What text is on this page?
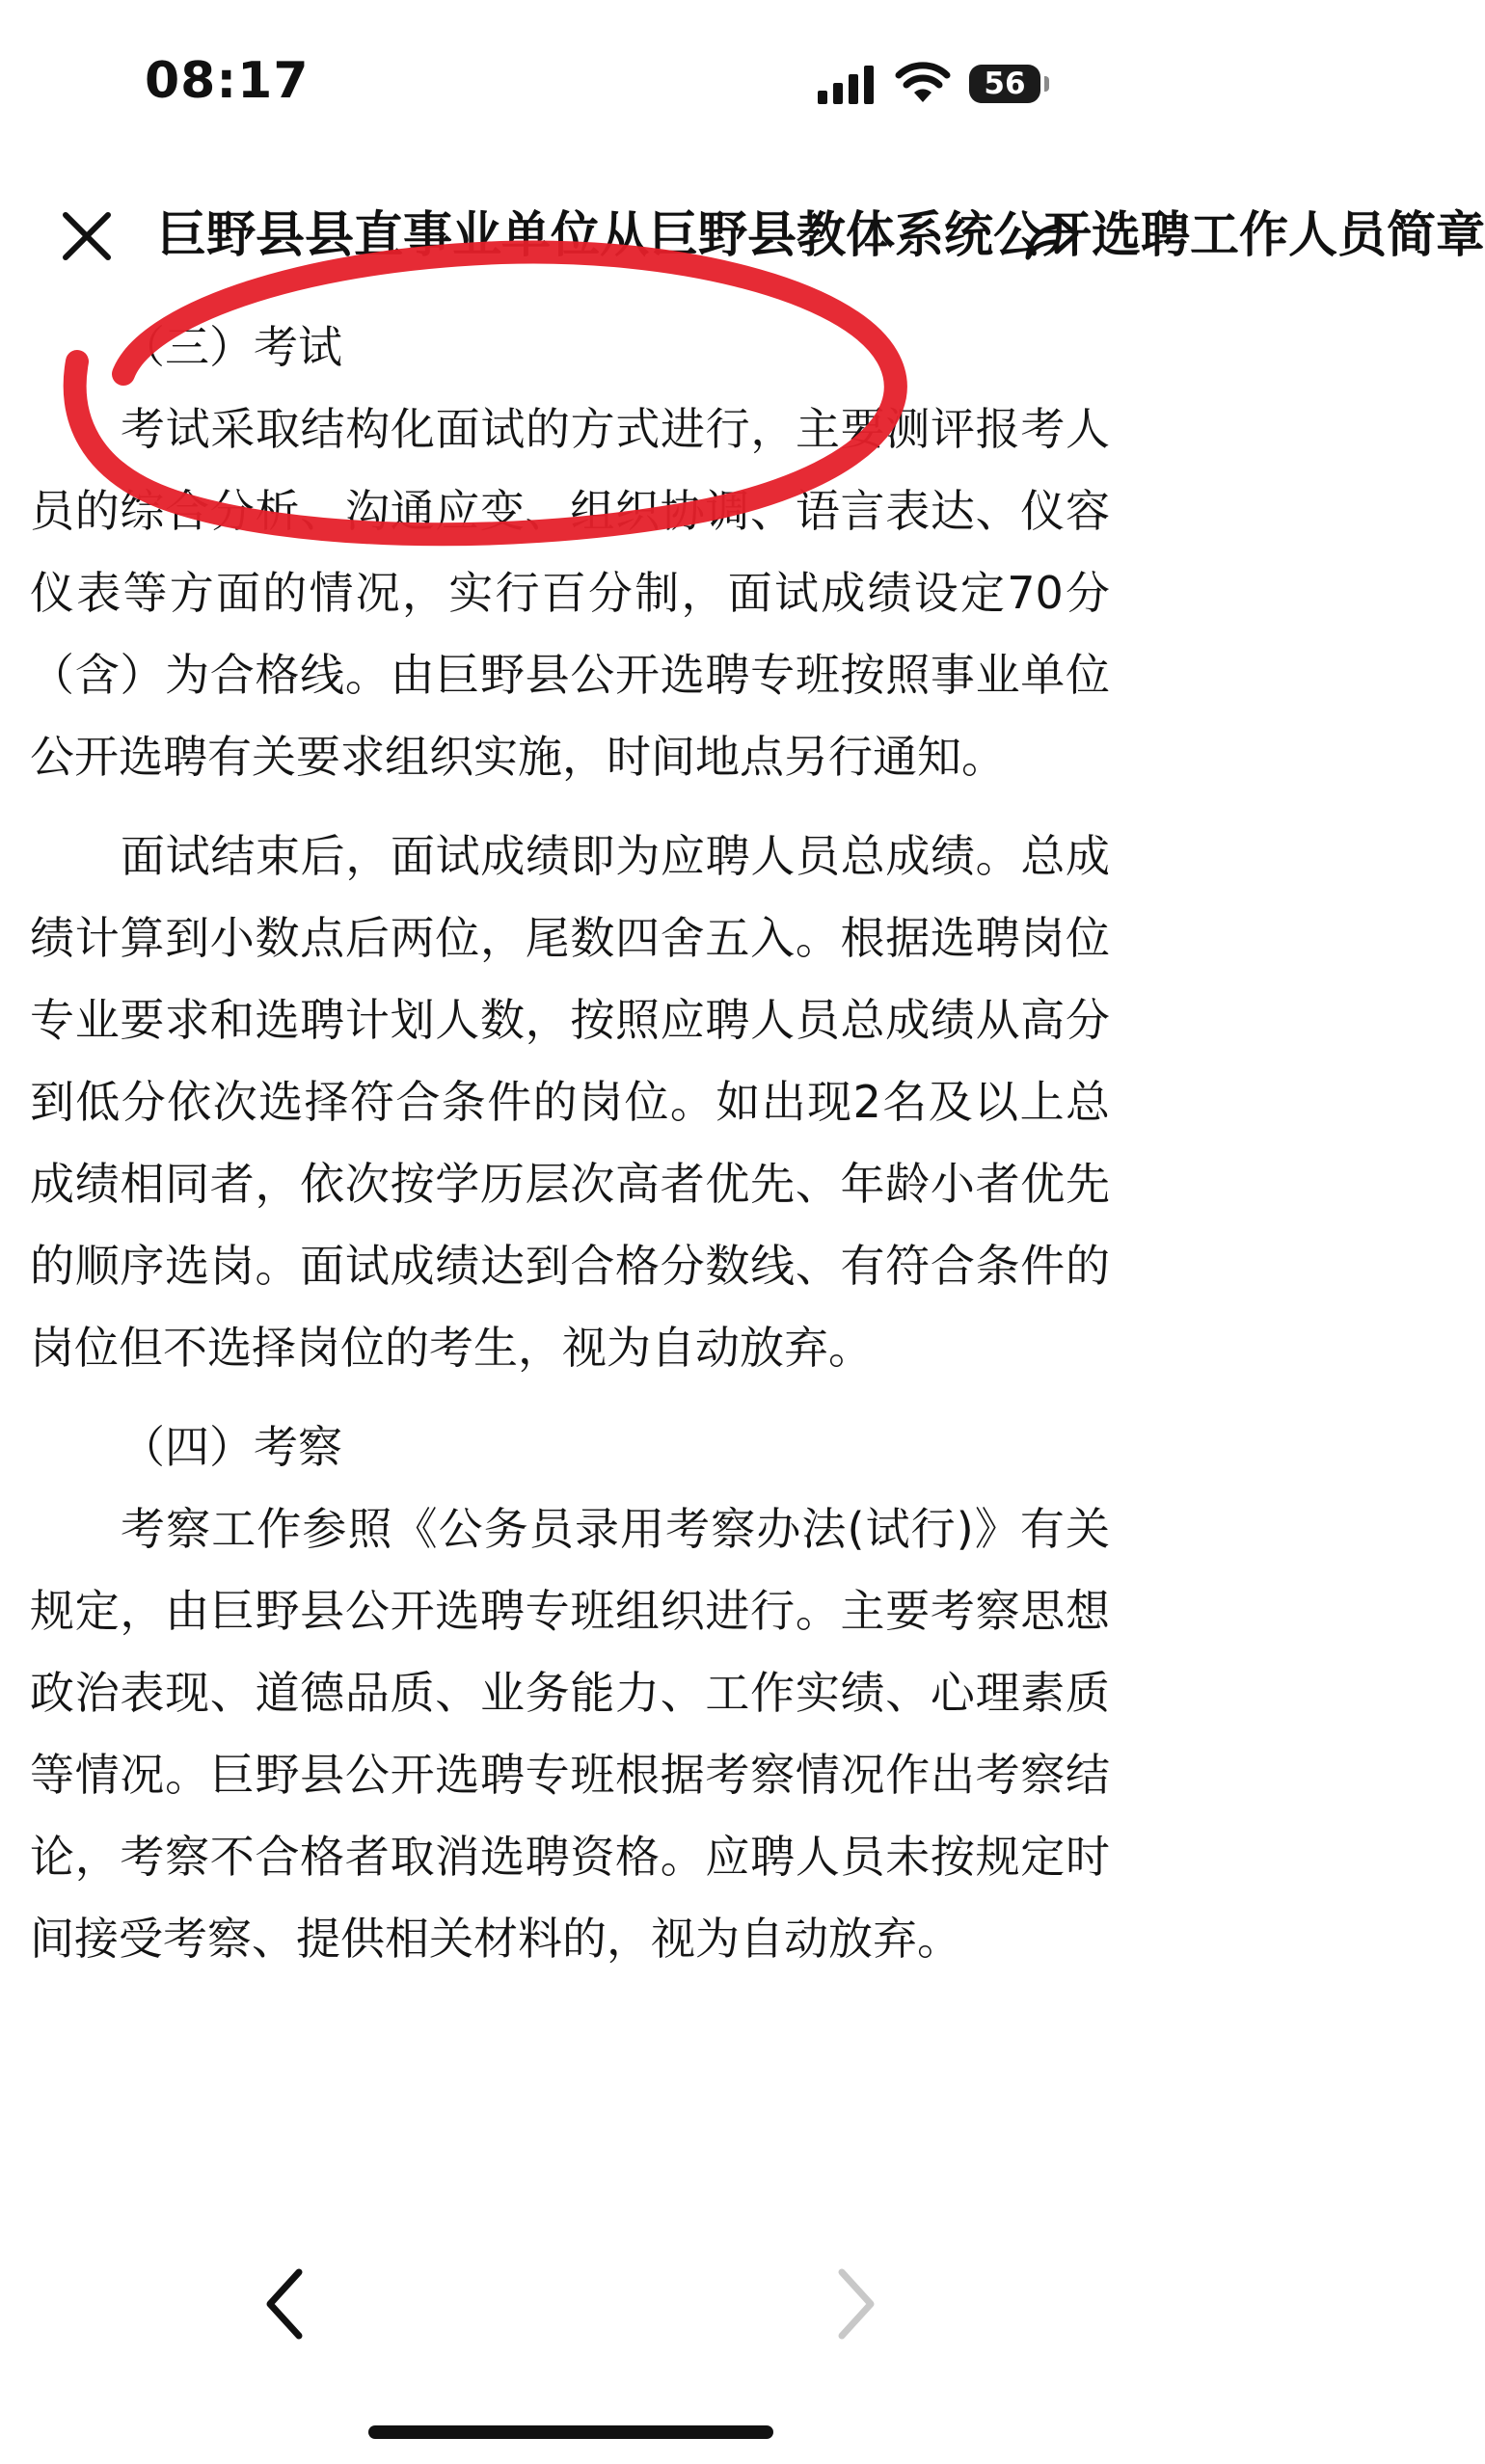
08:17	56
巨野县县直事业单位从巨野县教体系统公开选聘工作人员简章
（三）考试

考试采取结构化面试的方式进行，主要测评报考人员的综合分析、沟通应变、组织协调、语言表达、仪容仪表等方面的情况，实行百分制，面试成绩设定70分（含）为合格线。由巨野县公开选聘专班按照事业单位公开选聘有关要求组织实施，时间地点另行通知。

面试结束后，面试成绩即为应聘人员总成绩。总成绩计算到小数点后两位，尾数四舍五入。根据选聘岗位专业要求和选聘计划人数，按照应聘人员总成绩从高分到低分依次选择符合条件的岗位。如出现2名及以上总成绩相同者，依次按学历层次高者优先、年龄小者优先的顺序选岗。面试成绩达到合格分数线、有符合条件的岗位但不选择岗位的考生，视为自动放弃。

（四）考察

考察工作参照《公务员录用考察办法(试行)》有关规定，由巨野县公开选聘专班组织进行。主要考察思想政治表现、道德品质、业务能力、工作实绩、心理素质等情况。巨野县公开选聘专班根据考察情况作出考察结论，考察不合格者取消选聘资格。应聘人员未按规定时间接受考察、提供相关材料的，视为自动放弃。
